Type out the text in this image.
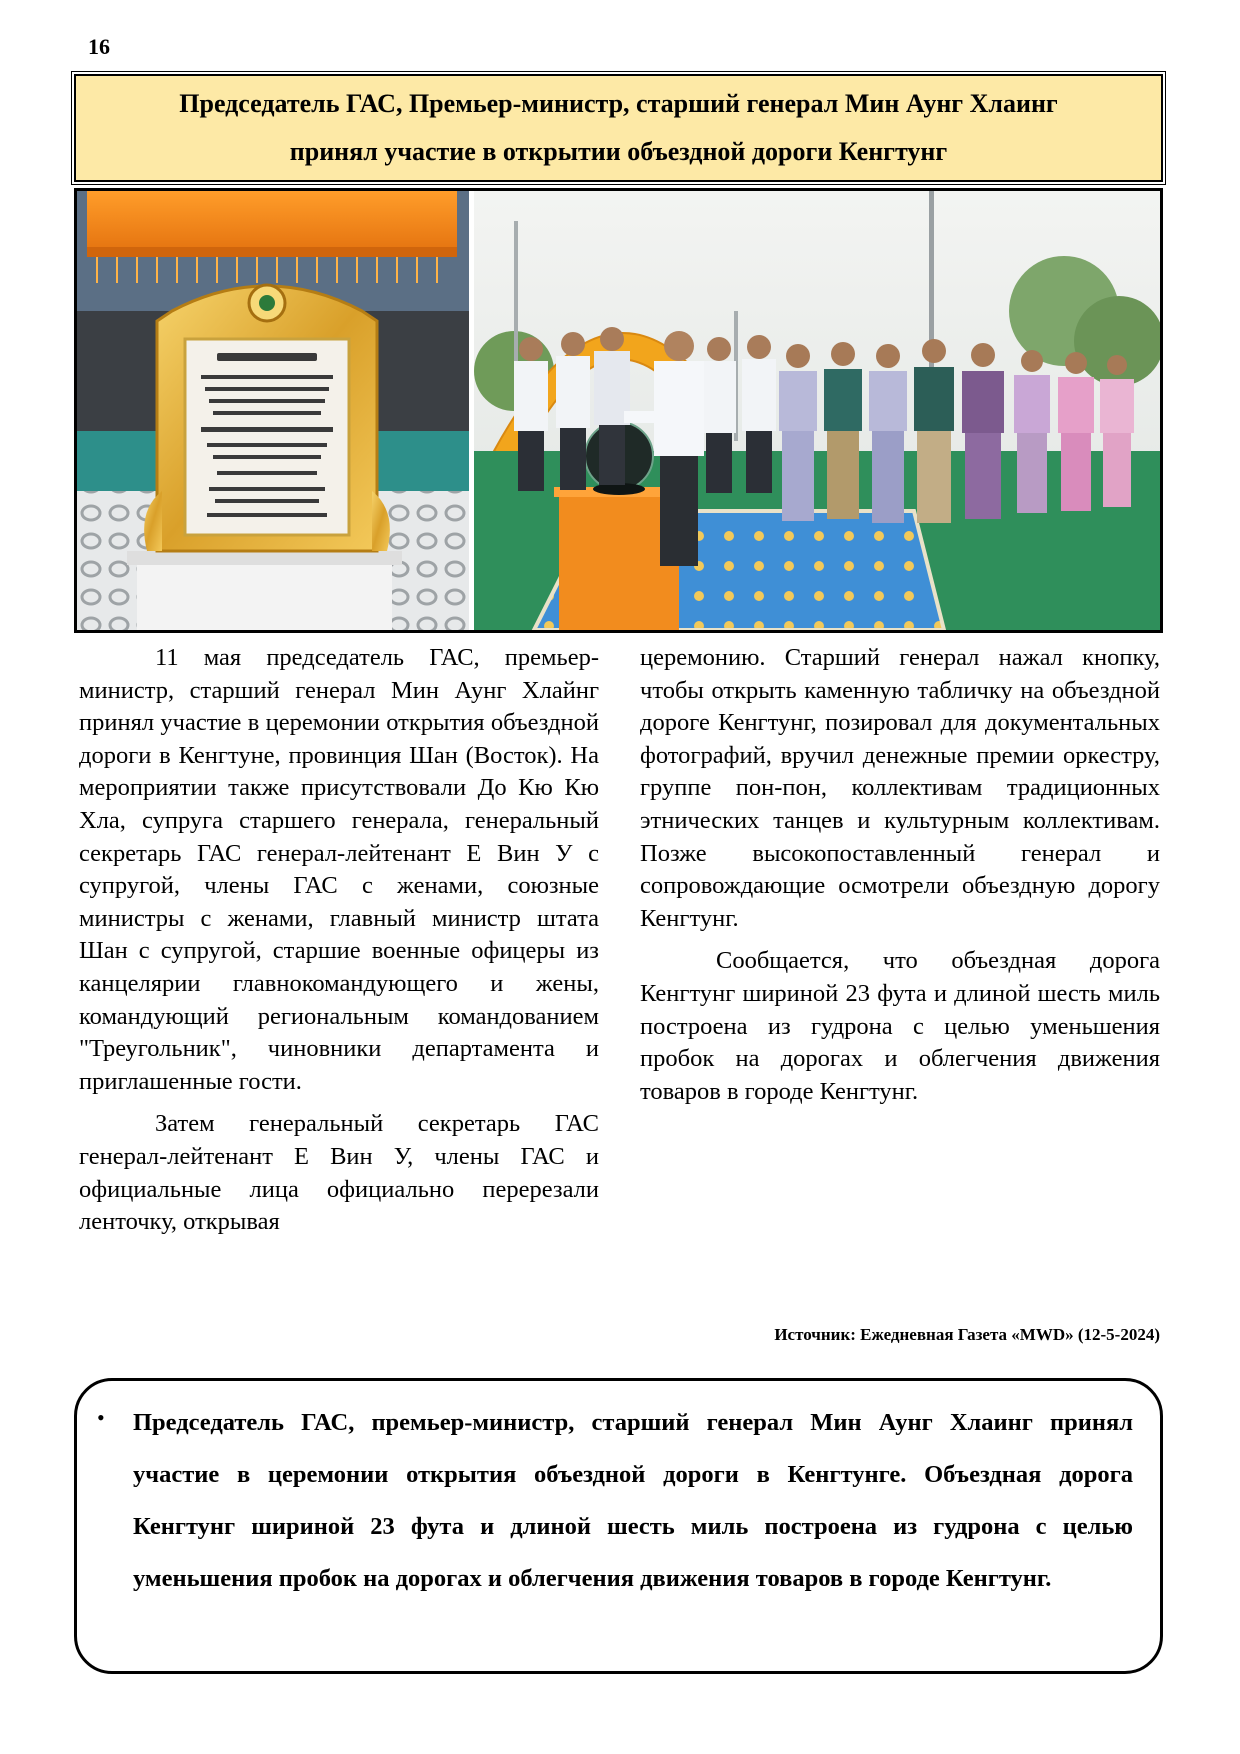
16
Председатель ГАС, Премьер-министр, старший генерал Мин Аунг Хлаинг
принял участие в открытии объездной дороги Кенгтунг

11 мая председатель ГАС, премьер-министр, старший генерал Мин Аунг Хлайнг принял участие в церемонии открытия объездной дороги в Кенгтуне, провинция Шан (Восток). На мероприятии также присутствовали До Кю Кю Хла, супруга старшего генерала, генеральный секретарь ГАС генерал-лейтенант Е Вин У с супругой, члены ГАС с женами, союзные министры с женами, главный министр штата Шан с супругой, старшие военные офицеры из канцелярии главнокомандующего и жены, командующий региональным командованием "Треугольник", чиновники департамента и приглашенные гости.

Затем генеральный секретарь ГАС генерал-лейтенант Е Вин У, члены ГАС и официальные лица официально перерезали ленточку, открывая

церемонию. Старший генерал нажал кнопку, чтобы открыть каменную табличку на объездной дороге Кенгтунг, позировал для документальных фотографий, вручил денежные премии оркестру, группе пон-пон, коллективам традиционных этнических танцев и культурным коллективам. Позже высокопоставленный генерал и сопровождающие осмотрели объездную дорогу Кенгтунг.

Сообщается, что объездная дорога Кенгтунг шириной 23 фута и длиной шесть миль построена из гудрона с целью уменьшения пробок на дорогах и облегчения движения товаров в городе Кенгтунг.

Источник: Ежедневная Газета «MWD» (12-5-2024)
• Председатель ГАС, премьер-министр, старший генерал Мин Аунг Хлаинг принял участие в церемонии открытия объездной дороги в Кенгтунге. Объездная дорога Кенгтунг шириной 23 фута и длиной шесть миль построена из гудрона с целью уменьшения пробок на дорогах и облегчения движения товаров в городе Кенгтунг.
